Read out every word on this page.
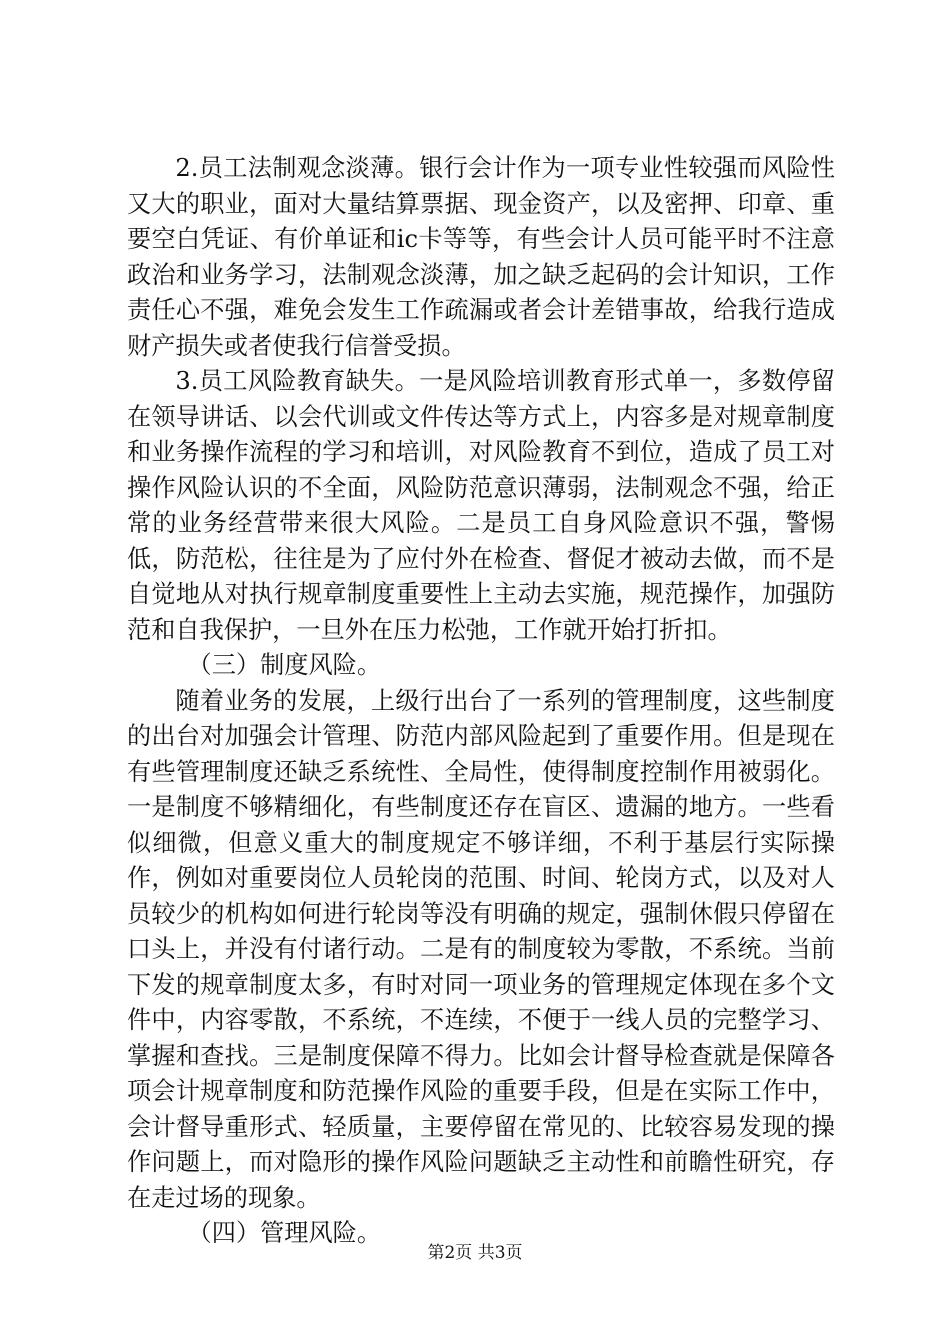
2.员工法制观念淡薄。银行会计作为一项专业性较强而风险性又大的职业，面对大量结算票据、现金资产，以及密押、印章、重要空白凭证、有价单证和ic卡等等，有些会计人员可能平时不注意政治和业务学习，法制观念淡薄，加之缺乏起码的会计知识，工作责任心不强，难免会发生工作疏漏或者会计差错事故，给我行造成财产损失或者使我行信誉受损。

3.员工风险教育缺失。一是风险培训教育形式单一，多数停留在领导讲话、以会代训或文件传达等方式上，内容多是对规章制度和业务操作流程的学习和培训，对风险教育不到位，造成了员工对操作风险认识的不全面，风险防范意识薄弱，法制观念不强，给正常的业务经营带来很大风险。二是员工自身风险意识不强，警惕低，防范松，往往是为了应付外在检查、督促才被动去做，而不是自觉地从对执行规章制度重要性上主动去实施，规范操作，加强防范和自我保护，一旦外在压力松弛，工作就开始打折扣。

（三）制度风险。

随着业务的发展，上级行出台了一系列的管理制度，这些制度的出台对加强会计管理、防范内部风险起到了重要作用。但是现在有些管理制度还缺乏系统性、全局性，使得制度控制作用被弱化。一是制度不够精细化，有些制度还存在盲区、遗漏的地方。一些看似细微，但意义重大的制度规定不够详细，不利于基层行实际操作，例如对重要岗位人员轮岗的范围、时间、轮岗方式，以及对人员较少的机构如何进行轮岗等没有明确的规定，强制休假只停留在口头上，并没有付诸行动。二是有的制度较为零散，不系统。当前下发的规章制度太多，有时对同一项业务的管理规定体现在多个文件中，内容零散，不系统，不连续，不便于一线人员的完整学习、掌握和查找。三是制度保障不得力。比如会计督导检查就是保障各项会计规章制度和防范操作风险的重要手段，但是在实际工作中，会计督导重形式、轻质量，主要停留在常见的、比较容易发现的操作问题上，而对隐形的操作风险问题缺乏主动性和前瞻性研究，存在走过场的现象。

（四）管理风险。

第2页 共3页
